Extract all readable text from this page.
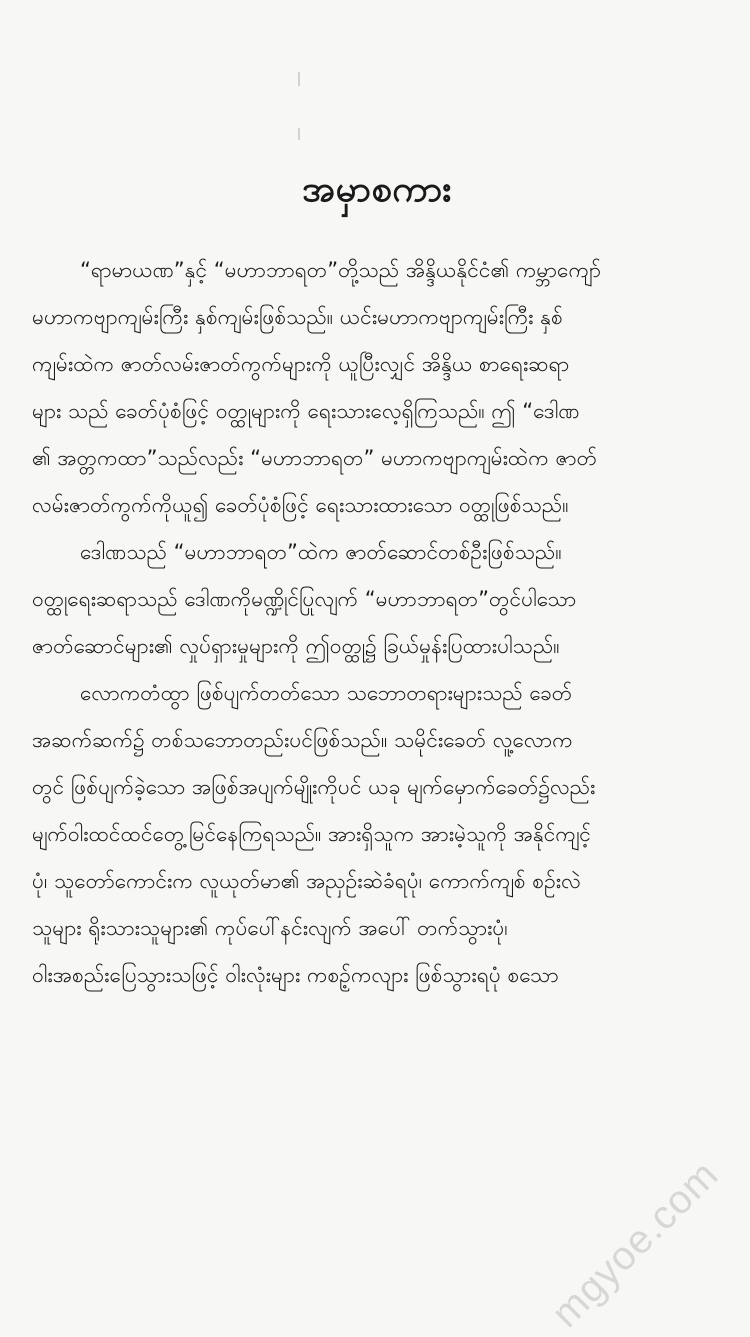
အမှာစကား
“ရာမာယဏ”နှင့် “မဟာဘာရတ”တို့သည် အိန္ဒိယနိုင်ငံ၏ ကမ္ဘာကျော်
မဟာကဗျာကျမ်းကြီး နှစ်ကျမ်းဖြစ်သည်။ ယင်းမဟာကဗျာကျမ်းကြီး နှစ်
ကျမ်းထဲက ဇာတ်လမ်းဇာတ်ကွက်များကို ယူပြီးလျှင် အိန္ဒိယ စာရေးဆရာ
များ သည် ခေတ်ပုံစံဖြင့် ဝတ္ထုများကို ရေးသားလေ့ရှိကြသည်။ ဤ “ဒေါဏ
၏ အတ္တကထာ”သည်လည်း “မဟာဘာရတ” မဟာကဗျာကျမ်းထဲက ဇာတ်
လမ်းဇာတ်ကွက်ကိုယူ၍ ခေတ်ပုံစံဖြင့် ရေးသားထားသော ဝတ္ထုဖြစ်သည်။
ဒေါဏသည် “မဟာဘာရတ”ထဲက ဇာတ်ဆောင်တစ်ဦးဖြစ်သည်။
ဝတ္ထုရေးဆရာသည် ဒေါဏကိုမဏ္ဍိုင်ပြုလျက် “မဟာဘာရတ”တွင်ပါသော
ဇာတ်ဆောင်များ၏ လှုပ်ရှားမှုများကို ဤဝတ္ထု၌ ခြယ်မှုန်းပြထားပါသည်။
လောကတံထွာ ဖြစ်ပျက်တတ်သော သဘောတရားများသည် ခေတ်
အဆက်ဆက်၌ တစ်သဘောတည်းပင်ဖြစ်သည်။ သမိုင်းခေတ် လူ့လောက
တွင် ဖြစ်ပျက်ခဲ့သော အဖြစ်အပျက်မျိုးကိုပင် ယခု မျက်မှောက်ခေတ်၌လည်း
မျက်ဝါးထင်ထင်တွေ့မြင်နေကြရသည်။ အားရှိသူက အားမဲ့သူကို အနိုင်ကျင့်
ပုံ၊ သူတော်ကောင်းက လူယုတ်မာ၏ အညှဉ်းဆဲခံရပုံ၊ ကောက်ကျစ် စဉ်းလဲ
သူများ ရိုးသားသူများ၏ ကုပ်ပေါ်နင်းလျက် အပေါ် တက်သွားပုံ၊
ဝါးအစည်းပြေသွားသဖြင့် ဝါးလုံးများ ကစဉ့်ကလျား ဖြစ်သွားရပုံ စသော
mgyoe.com
